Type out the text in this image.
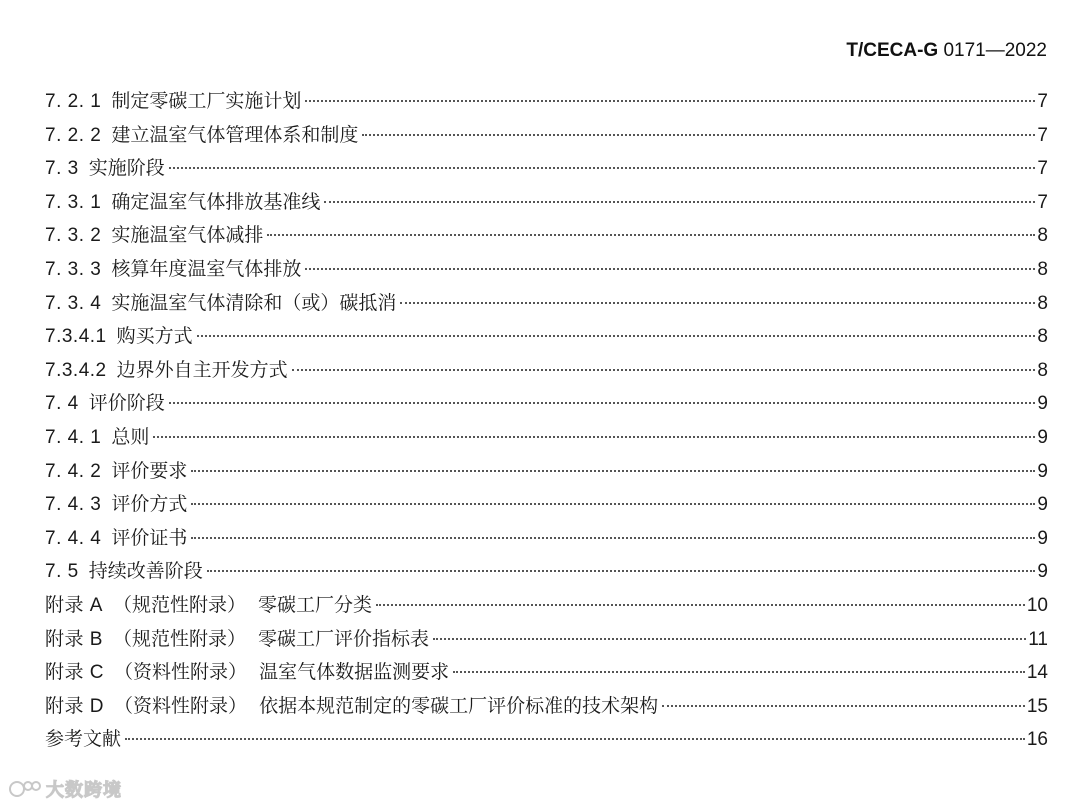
T/CECA-G 0171—2022
7. 2. 1 制定零碳工厂实施计划	7
7. 2. 2 建立温室气体管理体系和制度	7
7. 3 实施阶段	7
7. 3. 1 确定温室气体排放基准线	7
7. 3. 2 实施温室气体减排	8
7. 3. 3 核算年度温室气体排放	8
7. 3. 4 实施温室气体清除和（或）碳抵消	8
7.3.4.1 购买方式	8
7.3.4.2 边界外自主开发方式	8
7. 4 评价阶段	9
7. 4. 1 总则	9
7. 4. 2 评价要求	9
7. 4. 3 评价方式	9
7. 4. 4 评价证书	9
7. 5 持续改善阶段	9
附录 A （规范性附录）  零碳工厂分类	10
附录 B （规范性附录）  零碳工厂评价指标表	11
附录 C （资料性附录）  温室气体数据监测要求	14
附录 D （资料性附录）  依据本规范制定的零碳工厂评价标准的技术架构	15
参考文献	16
大数跨境
